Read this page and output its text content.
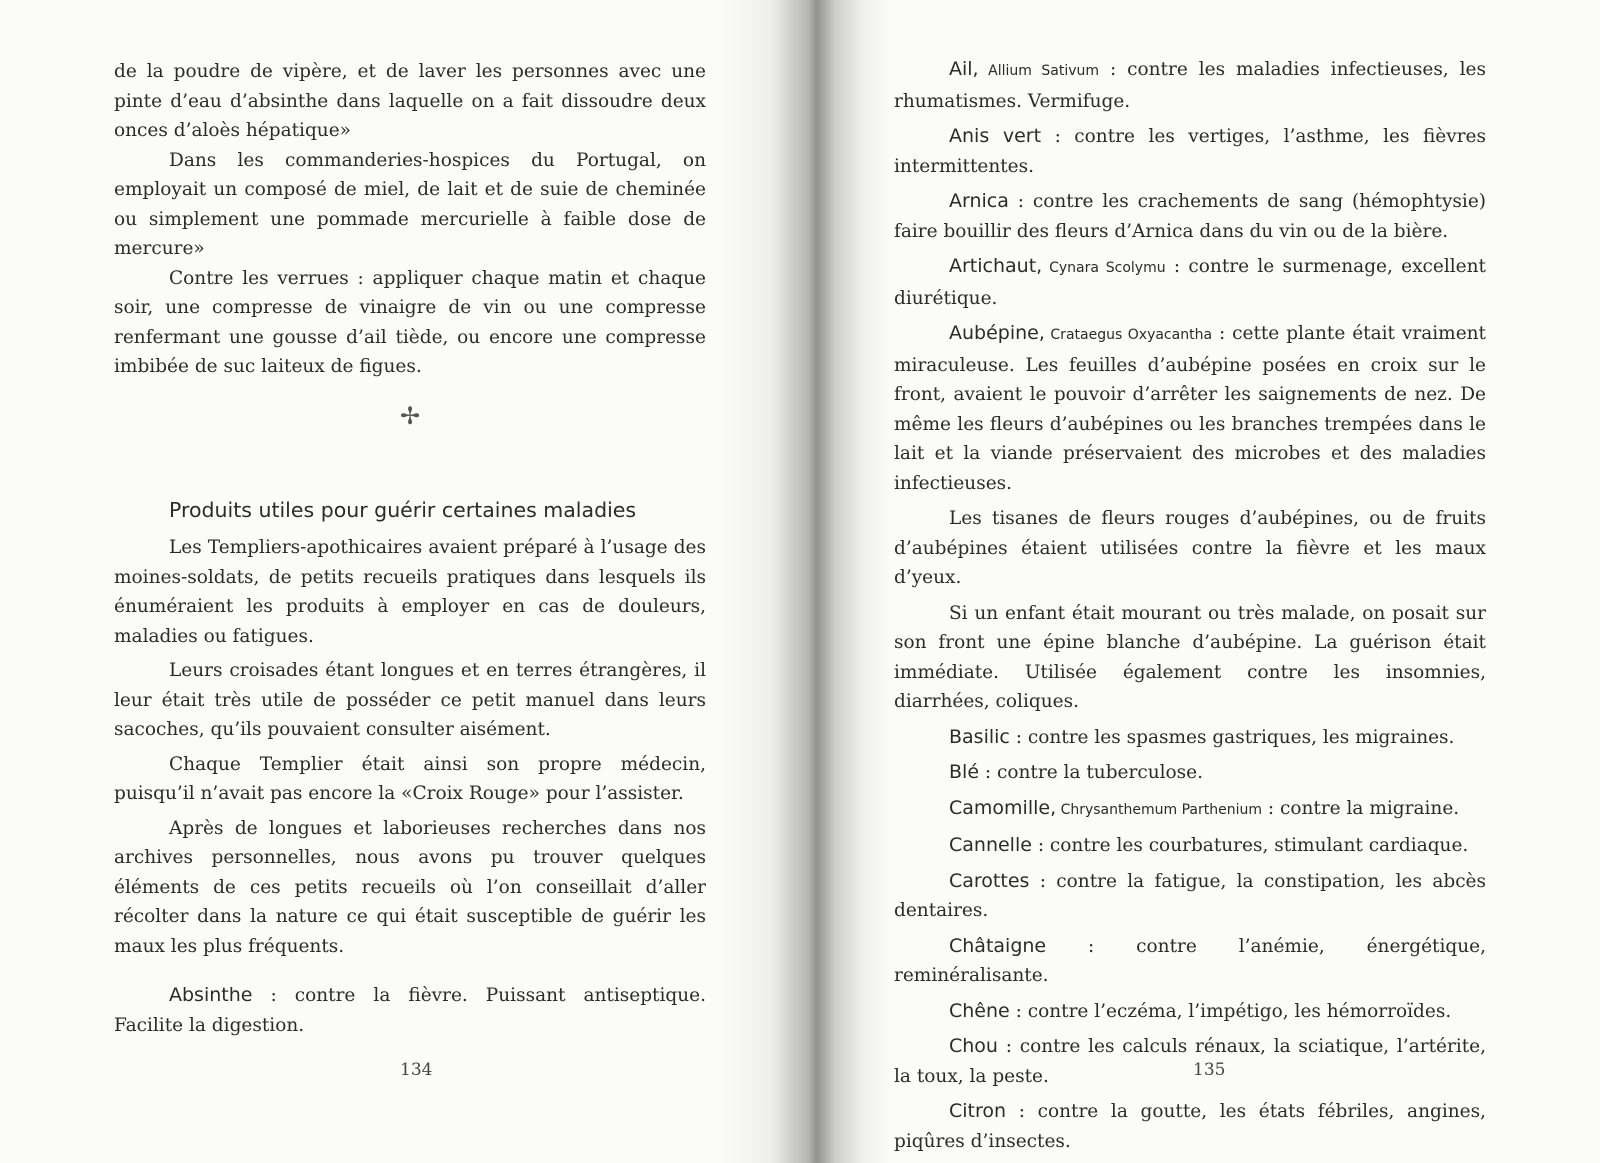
de la poudre de vipère, et de laver les personnes avec une pinte d’eau d’absinthe dans laquelle on a fait dissoudre deux onces d’aloès hépatique»

Dans les commanderies-hospices du Portugal, on employait un composé de miel, de lait et de suie de cheminée ou simplement une pommade mercurielle à faible dose de mercure»

Contre les verrues : appliquer chaque matin et chaque soir, une compresse de vinaigre de vin ou une compresse renfermant une gousse d’ail tiède, ou encore une compresse imbibée de suc laiteux de figues.

✢
Produits utiles pour guérir certaines maladies

Les Templiers-apothicaires avaient préparé à l’usage des moines-soldats, de petits recueils pratiques dans lesquels ils énuméraient les produits à employer en cas de douleurs, maladies ou fatigues.

Leurs croisades étant longues et en terres étrangères, il leur était très utile de posséder ce petit manuel dans leurs sacoches, qu’ils pouvaient consulter aisément.

Chaque Templier était ainsi son propre médecin, puisqu’il n’avait pas encore la «Croix Rouge» pour l’assister.

Après de longues et laborieuses recherches dans nos archives personnelles, nous avons pu trouver quelques éléments de ces petits recueils où l’on conseillait d’aller récolter dans la nature ce qui était susceptible de guérir les maux les plus fréquents.

Absinthe : contre la fièvre. Puissant antiseptique. Facilite la digestion.

134

Ail, Allium Sativum : contre les maladies infectieuses, les rhumatismes. Vermifuge.

Anis vert : contre les vertiges, l’asthme, les fièvres intermittentes.

Arnica : contre les crachements de sang (hémophtysie) faire bouillir des fleurs d’Arnica dans du vin ou de la bière.

Artichaut, Cynara Scolymu : contre le surmenage, excellent diurétique.

Aubépine, Crataegus Oxyacantha : cette plante était vraiment miraculeuse. Les feuilles d’aubépine posées en croix sur le front, avaient le pouvoir d’arrêter les saignements de nez. De même les fleurs d’aubépines ou les branches trempées dans le lait et la viande préservaient des microbes et des maladies infectieuses.

Les tisanes de fleurs rouges d’aubépines, ou de fruits d’aubépines étaient utilisées contre la fièvre et les maux d’yeux.

Si un enfant était mourant ou très malade, on posait sur son front une épine blanche d’aubépine. La guérison était immédiate. Utilisée également contre les insomnies, diarrhées, coliques.

Basilic : contre les spasmes gastriques, les migraines.

Blé : contre la tuberculose.

Camomille, Chrysanthemum Parthenium : contre la migraine.

Cannelle : contre les courbatures, stimulant cardiaque.

Carottes : contre la fatigue, la constipation, les abcès dentaires.

Châtaigne : contre l’anémie, énergétique, reminéralisante.

Chêne : contre l’eczéma, l’impétigo, les hémorroïdes.

Chou : contre les calculs rénaux, la sciatique, l’artérite, la toux, la peste.

Citron : contre la goutte, les états fébriles, angines, piqûres d’insectes.

135
